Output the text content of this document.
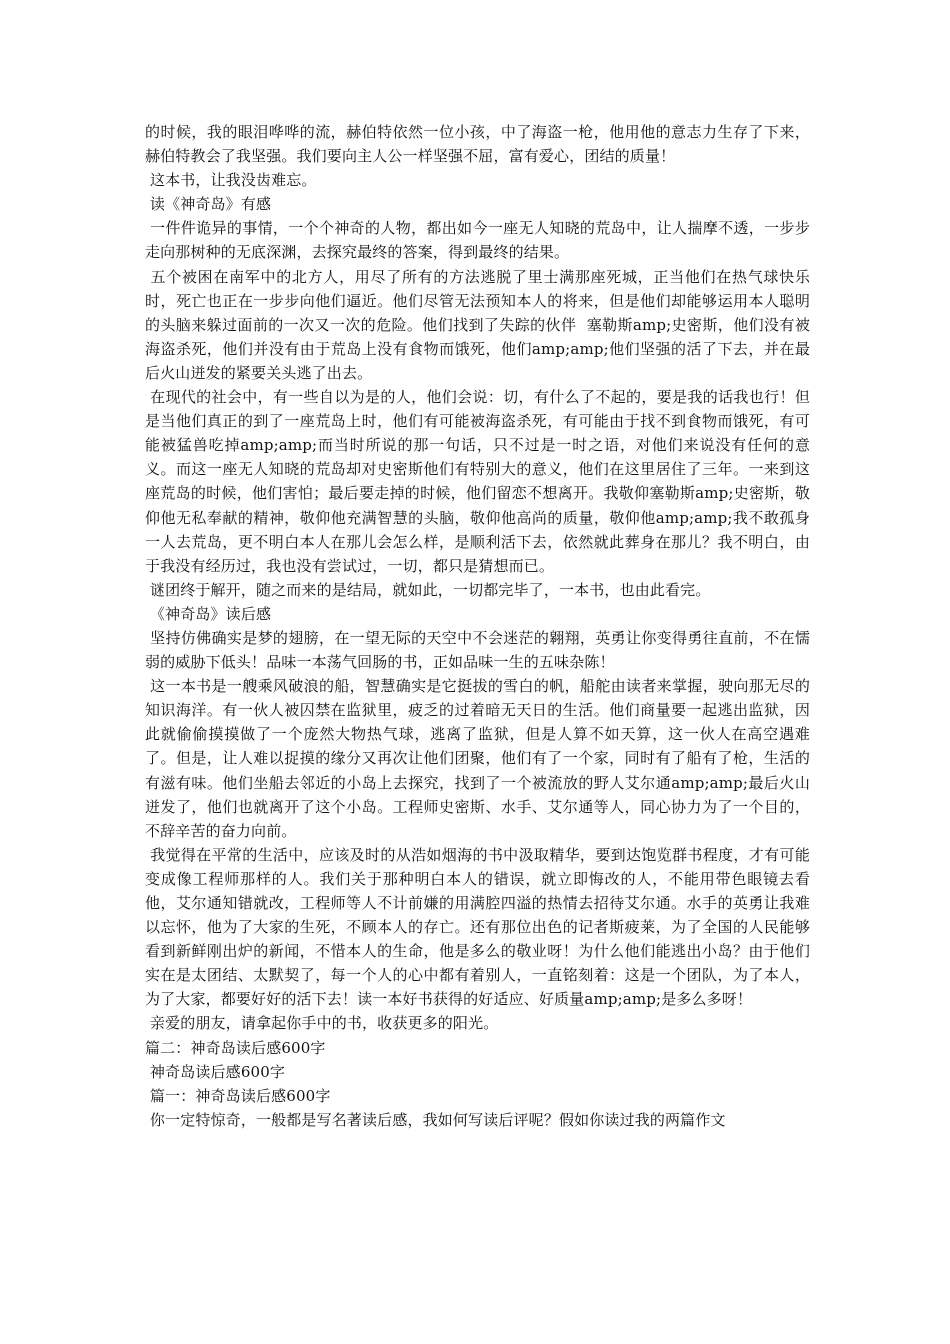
的时候，我的眼泪哗哗的流，赫伯特依然一位小孩，中了海盗一枪，他用他的意志力生存了下来，赫伯特教会了我坚强。我们要向主人公一样坚强不屈，富有爱心，团结的质量！

这本书，让我没齿难忘。

读《神奇岛》有感

一件件诡异的事情，一个个神奇的人物，都出如今一座无人知晓的荒岛中，让人揣摩不透，一步步走向那树种的无底深渊，去探究最终的答案，得到最终的结果。

五个被困在南军中的北方人，用尽了所有的方法逃脱了里士满那座死城，正当他们在热气球快乐时，死亡也正在一步步向他们逼近。他们尽管无法预知本人的将来，但是他们却能够运用本人聪明的头脑来躲过面前的一次又一次的危险。他们找到了失踪的伙伴  塞勒斯amp;史密斯，他们没有被海盗杀死，他们并没有由于荒岛上没有食物而饿死，他们amp;amp;他们坚强的活了下去，并在最后火山迸发的紧要关头逃了出去。

在现代的社会中，有一些自以为是的人，他们会说：切，有什么了不起的，要是我的话我也行！但是当他们真正的到了一座荒岛上时，他们有可能被海盗杀死，有可能由于找不到食物而饿死，有可能被猛兽吃掉amp;amp;而当时所说的那一句话，只不过是一时之语，对他们来说没有任何的意义。而这一座无人知晓的荒岛却对史密斯他们有特别大的意义，他们在这里居住了三年。一来到这座荒岛的时候，他们害怕；最后要走掉的时候，他们留恋不想离开。我敬仰塞勒斯amp;史密斯，敬仰他无私奉献的精神，敬仰他充满智慧的头脑，敬仰他高尚的质量，敬仰他amp;amp;我不敢孤身一人去荒岛，更不明白本人在那儿会怎么样，是顺利活下去，依然就此葬身在那儿？我不明白，由于我没有经历过，我也没有尝试过，一切，都只是猜想而已。

谜团终于解开，随之而来的是结局，就如此，一切都完毕了，一本书，也由此看完。

《神奇岛》读后感

坚持仿佛确实是梦的翅膀，在一望无际的天空中不会迷茫的翱翔，英勇让你变得勇往直前，不在懦弱的威胁下低头！品味一本荡气回肠的书，正如品味一生的五味杂陈！

这一本书是一艘乘风破浪的船，智慧确实是它挺拔的雪白的帆，船舵由读者来掌握，驶向那无尽的知识海洋。有一伙人被囚禁在监狱里，疲乏的过着暗无天日的生活。他们商量要一起逃出监狱，因此就偷偷摸摸做了一个庞然大物热气球，逃离了监狱，但是人算不如天算，这一伙人在高空遇难了。但是，让人难以捉摸的缘分又再次让他们团聚，他们有了一个家，同时有了船有了枪，生活的有滋有味。他们坐船去邻近的小岛上去探究，找到了一个被流放的野人艾尔通amp;amp;最后火山迸发了，他们也就离开了这个小岛。工程师史密斯、水手、艾尔通等人，同心协力为了一个目的，不辞辛苦的奋力向前。

我觉得在平常的生活中，应该及时的从浩如烟海的书中汲取精华，要到达饱览群书程度，才有可能变成像工程师那样的人。我们关于那种明白本人的错误，就立即悔改的人，不能用带色眼镜去看他，艾尔通知错就改，工程师等人不计前嫌的用满腔四溢的热情去招待艾尔通。水手的英勇让我难以忘怀，他为了大家的生死，不顾本人的存亡。还有那位出色的记者斯疲莱，为了全国的人民能够看到新鲜刚出炉的新闻，不惜本人的生命，他是多么的敬业呀！为什么他们能逃出小岛？由于他们实在是太团结、太默契了，每一个人的心中都有着别人，一直铭刻着：这是一个团队，为了本人，为了大家，都要好好的活下去！读一本好书获得的好适应、好质量amp;amp;是多么多呀！

亲爱的朋友，请拿起你手中的书，收获更多的阳光。

篇二：神奇岛读后感600字

神奇岛读后感600字

篇一：神奇岛读后感600字

你一定特惊奇，一般都是写名著读后感，我如何写读后评呢？假如你读过我的两篇作文
